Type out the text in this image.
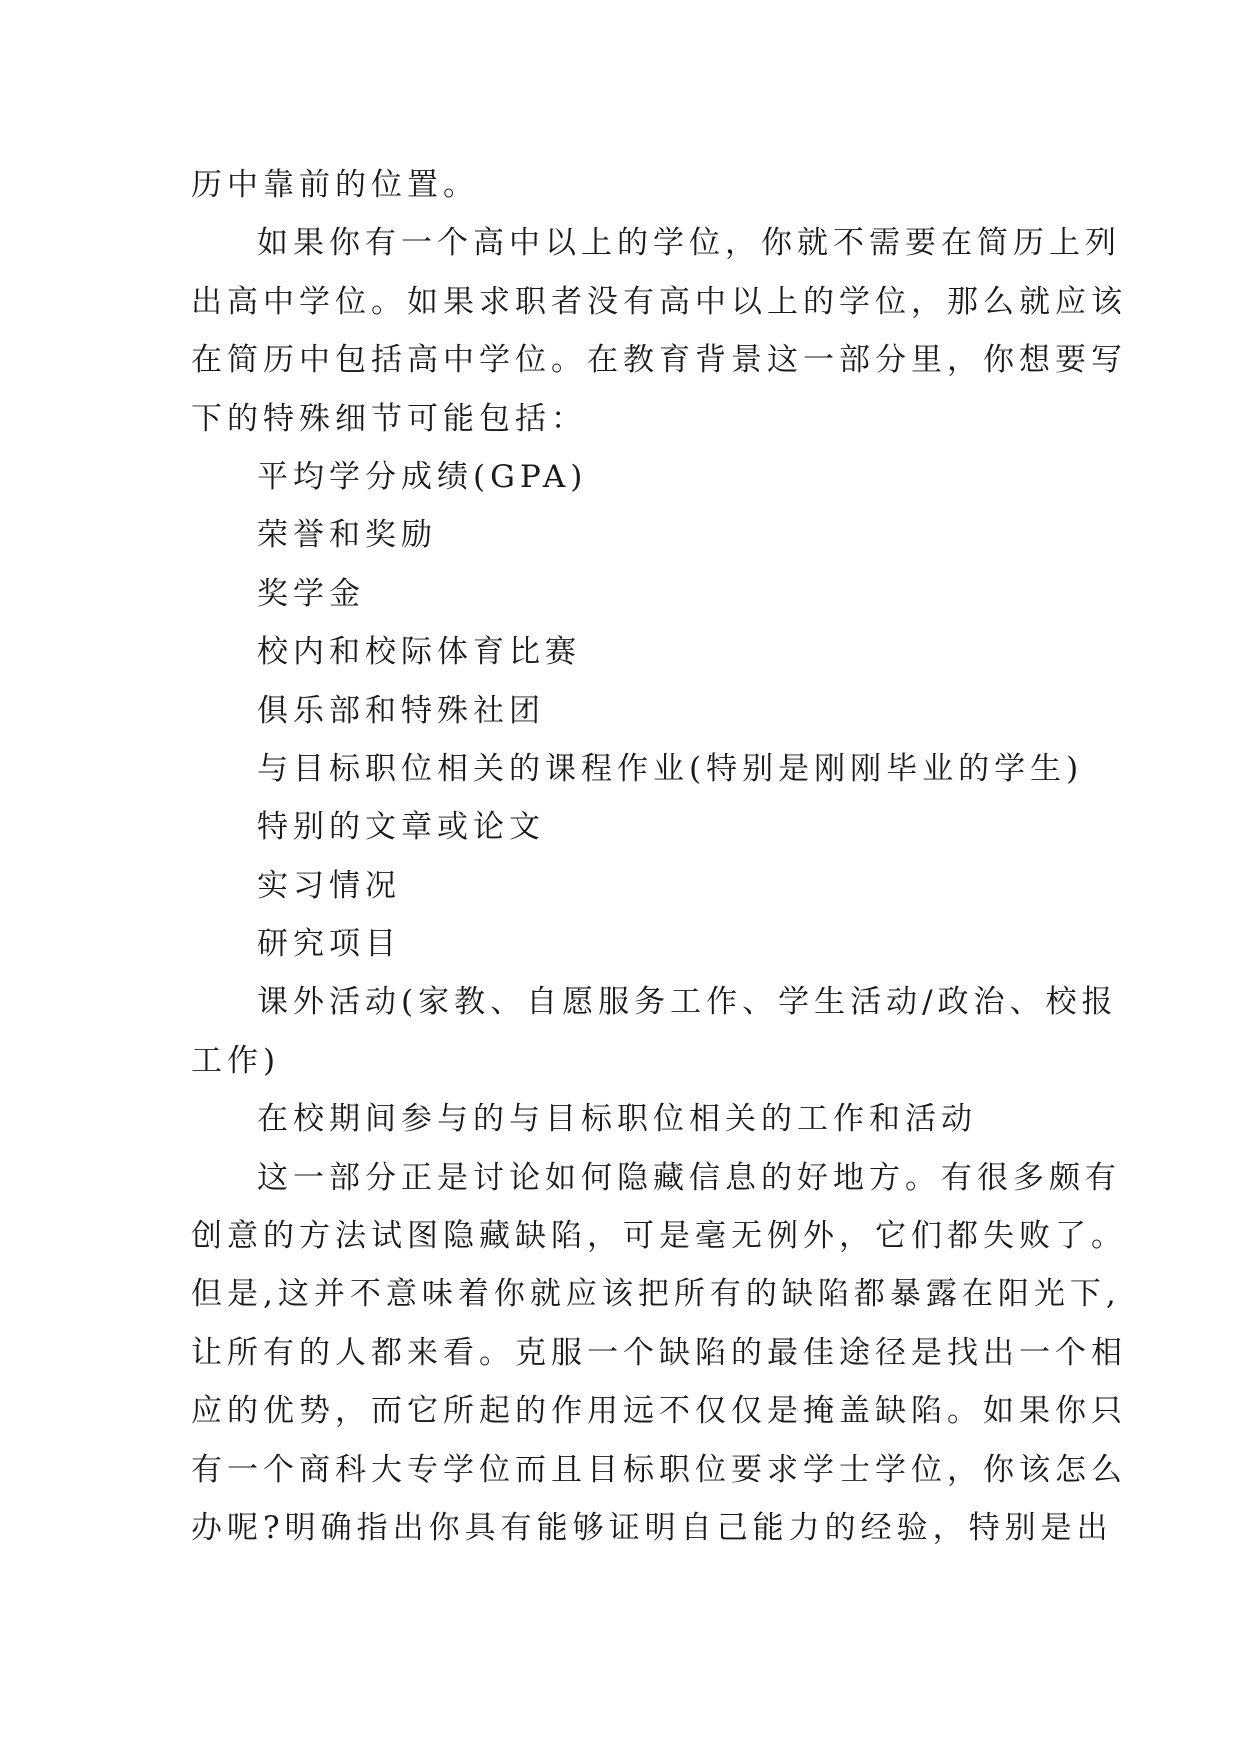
历中靠前的位置。
如果你有一个高中以上的学位，你就不需要在简历上列
出高中学位。如果求职者没有高中以上的学位，那么就应该
在简历中包括高中学位。在教育背景这一部分里，你想要写
下的特殊细节可能包括：
平均学分成绩(GPA)
荣誉和奖励
奖学金
校内和校际体育比赛
俱乐部和特殊社团
与目标职位相关的课程作业(特别是刚刚毕业的学生)
特别的文章或论文
实习情况
研究项目
课外活动(家教、自愿服务工作、学生活动/政治、校报
工作)
在校期间参与的与目标职位相关的工作和活动
这一部分正是讨论如何隐藏信息的好地方。有很多颇有
创意的方法试图隐藏缺陷，可是毫无例外，它们都失败了。
但是,这并不意味着你就应该把所有的缺陷都暴露在阳光下,
让所有的人都来看。克服一个缺陷的最佳途径是找出一个相
应的优势，而它所起的作用远不仅仅是掩盖缺陷。如果你只
有一个商科大专学位而且目标职位要求学士学位，你该怎么
办呢?明确指出你具有能够证明自己能力的经验，特别是出
